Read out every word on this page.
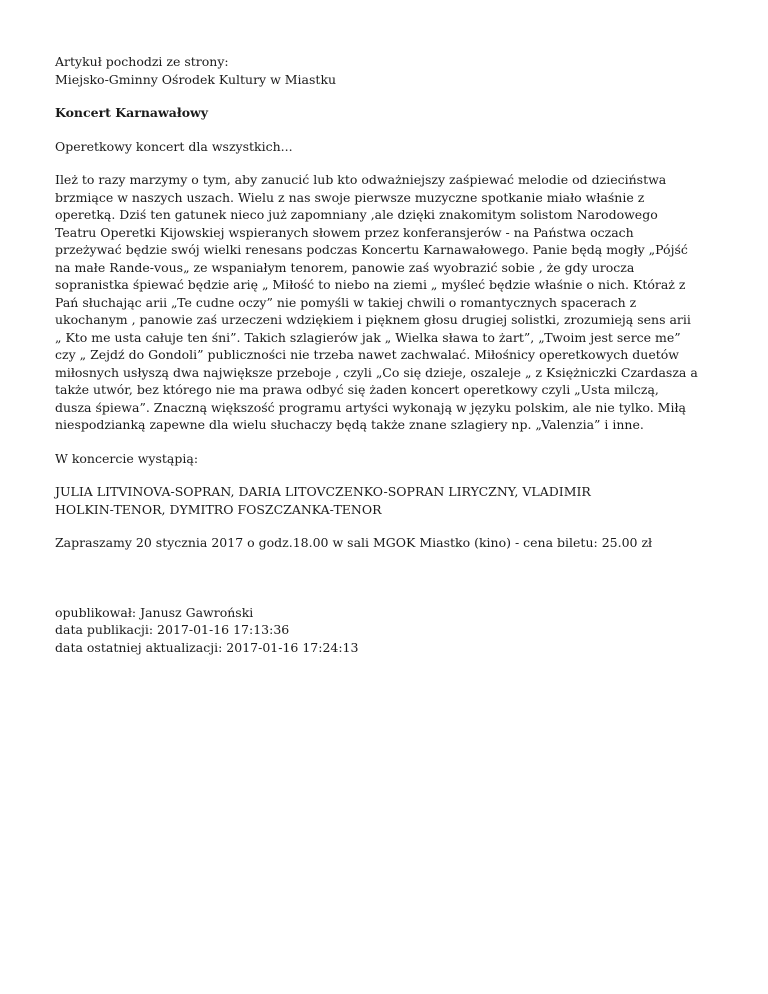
Artykuł pochodzi ze strony:
Miejsko-Gminny Ośrodek Kultury w Miastku
Koncert Karnawałowy
Operetkowy koncert dla wszystkich...
Ileż to razy marzymy o tym, aby zanucić lub kto odważniejszy zaśpiewać melodie od dzieciństwa
brzmiące w naszych uszach. Wielu z nas swoje pierwsze muzyczne spotkanie miało właśnie z
operetką. Dziś ten gatunek nieco już zapomniany ,ale dzięki znakomitym solistom Narodowego
Teatru Operetki Kijowskiej wspieranych słowem przez konferansjerów - na Państwa oczach
przeżywać będzie swój wielki renesans podczas Koncertu Karnawałowego. Panie będą mogły „Pójść
na małe Rande-vous„ ze wspaniałym tenorem, panowie zaś wyobrazić sobie , że gdy urocza
sopranistka śpiewać będzie arię „ Miłość to niebo na ziemi „ myśleć będzie właśnie o nich. Któraż z
Pań słuchając arii „Te cudne oczy” nie pomyśli w takiej chwili o romantycznych spacerach z
ukochanym , panowie zaś urzeczeni wdziękiem i pięknem głosu drugiej solistki, zrozumieją sens arii
„ Kto me usta całuje ten śni”. Takich szlagierów jak „ Wielka sława to żart”, „Twoim jest serce me”
czy „ Zejdź do Gondoli” publiczności nie trzeba nawet zachwalać. Miłośnicy operetkowych duetów
miłosnych usłyszą dwa największe przeboje , czyli „Co się dzieje, oszaleje „ z Księżniczki Czardasza a
także utwór, bez którego nie ma prawa odbyć się żaden koncert operetkowy czyli „Usta milczą,
dusza śpiewa”. Znaczną większość programu artyści wykonają w języku polskim, ale nie tylko. Miłą
niespodzianką zapewne dla wielu słuchaczy będą także znane szlagiery np. „Valenzia” i inne.
W koncercie wystąpią:
JULIA LITVINOVA-SOPRAN, DARIA LITOVCZENKO-SOPRAN LIRYCZNY, VLADIMIR
HOLKIN-TENOR, DYMITRO FOSZCZANKA-TENOR
Zapraszamy 20 stycznia 2017 o godz.18.00 w sali MGOK Miastko (kino) - cena biletu: 25.00 zł
opublikował: Janusz Gawroński
data publikacji: 2017-01-16 17:13:36
data ostatniej aktualizacji: 2017-01-16 17:24:13
